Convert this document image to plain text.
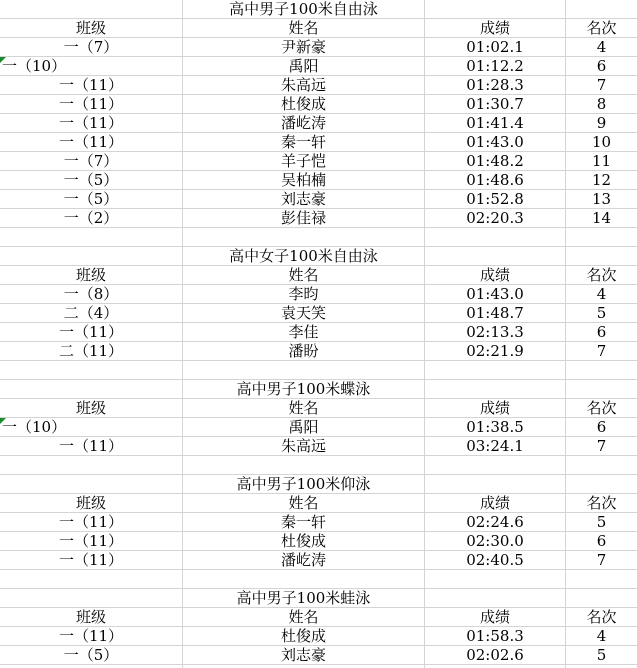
高中男子100米自由泳
班级	姓名	成绩	名次
一（7）	尹新豪	01:02.1	4
一（10）	禹阳	01:12.2	6
一（11）	朱高远	01:28.3	7
一（11）	杜俊成	01:30.7	8
一（11）	潘屹涛	01:41.4	9
一（11）	秦一轩	01:43.0	10
一（7）	羊子恺	01:48.2	11
一（5）	吴柏楠	01:48.6	12
一（5）	刘志豪	01:52.8	13
一（2）	彭佳禄	02:20.3	14
高中女子100米自由泳
班级	姓名	成绩	名次
一（8）	李昀	01:43.0	4
二（4）	袁天笑	01:48.7	5
一（11）	李佳	02:13.3	6
二（11）	潘盼	02:21.9	7
高中男子100米蝶泳
班级	姓名	成绩	名次
一（10）	禹阳	01:38.5	6
一（11）	朱高远	03:24.1	7
高中男子100米仰泳
班级	姓名	成绩	名次
一（11）	秦一轩	02:24.6	5
一（11）	杜俊成	02:30.0	6
一（11）	潘屹涛	02:40.5	7
高中男子100米蛙泳
班级	姓名	成绩	名次
一（11）	杜俊成	01:58.3	4
一（5）	刘志豪	02:02.6	5
